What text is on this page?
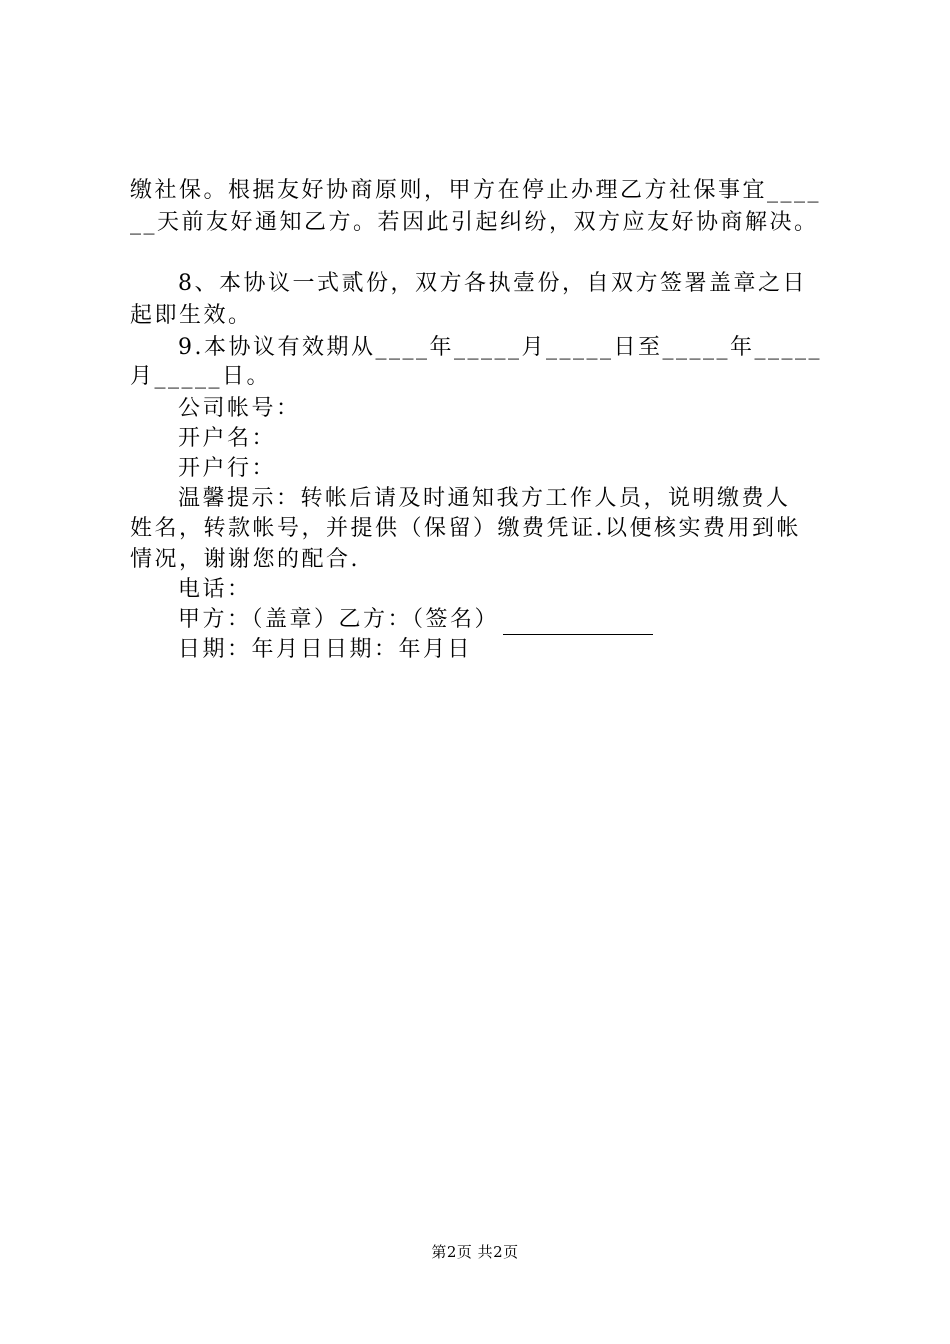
缴社保。根据友好协商原则，甲方在停止办理乙方社保事宜____
__天前友好通知乙方。若因此引起纠纷，双方应友好协商解决。
8、本协议一式贰份，双方各执壹份，自双方签署盖章之日
起即生效。
9.本协议有效期从____年_____月_____日至_____年_____
月_____日。
公司帐号：
开户名：
开户行：
温馨提示：转帐后请及时通知我方工作人员，说明缴费人
姓名，转款帐号，并提供（保留）缴费凭证.以便核实费用到帐
情况，谢谢您的配合.
电话：
甲方：（盖章）乙方：（签名）
日期：年月日日期：年月日
第2页 共2页
